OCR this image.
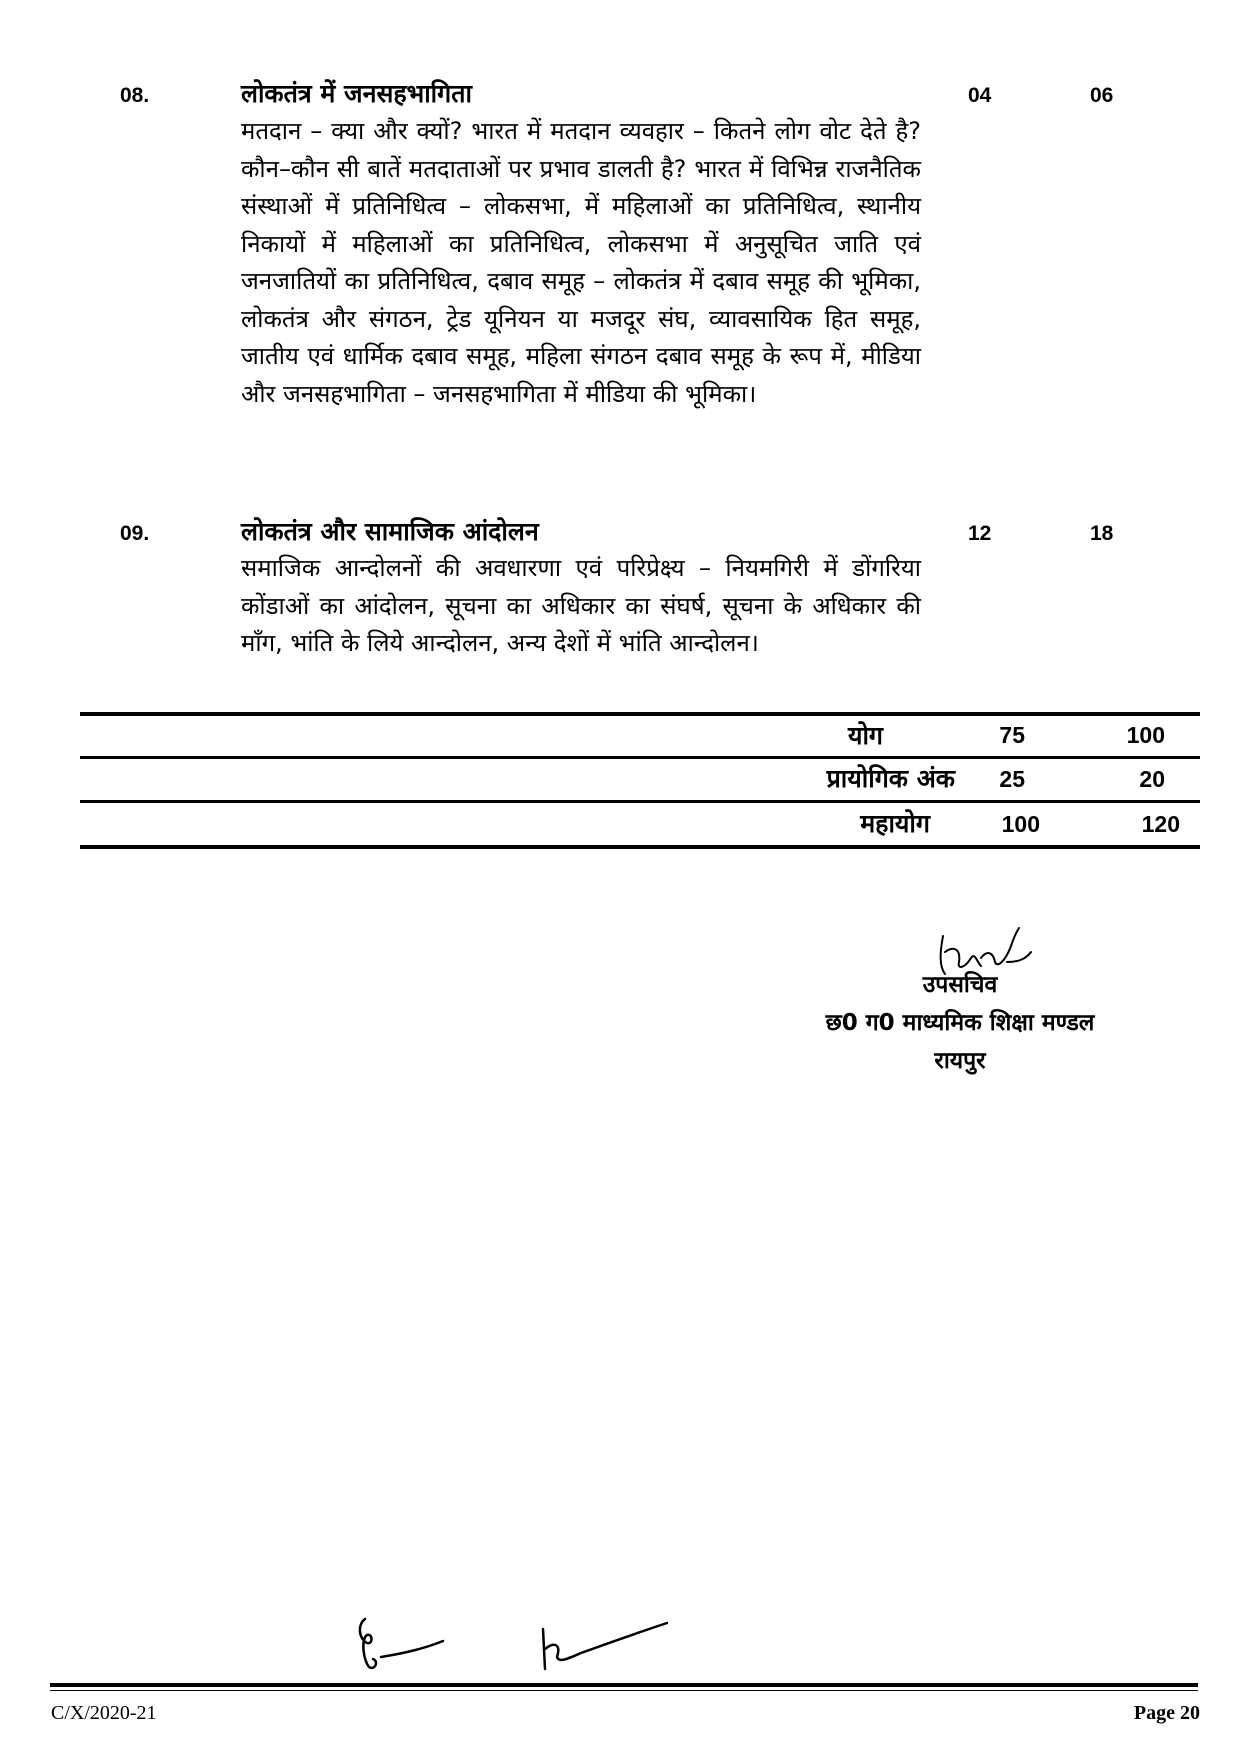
08.	लोकतंत्र में जनसहभागिता	04	06
मतदान – क्या और क्यों? भारत में मतदान व्यवहार – कितने लोग वोट देते है? कौन–कौन सी बातें मतदाताओं पर प्रभाव डालती है? भारत में विभिन्न राजनैतिक संस्थाओं में प्रतिनिधित्व – लोकसभा, में महिलाओं का प्रतिनिधित्व, स्थानीय निकायों में महिलाओं का प्रतिनिधित्व, लोकसभा में अनुसूचित जाति एवं जनजातियों का प्रतिनिधित्व, दबाव समूह – लोकतंत्र में दबाव समूह की भूमिका, लोकतंत्र और संगठन, ट्रेड यूनियन या मजदूर संघ, व्यावसायिक हित समूह, जातीय एवं धार्मिक दबाव समूह, महिला संगठन दबाव समूह के रूप में, मीडिया और जनसहभागिता – जनसहभागिता में मीडिया की भूमिका।
09.	लोकतंत्र और सामाजिक आंदोलन	12	18
समाजिक आन्दोलनों की अवधारणा एवं परिप्रेक्ष्य – नियमगिरी में डोंगरिया कोंडाओं का आंदोलन, सूचना का अधिकार का संघर्ष, सूचना के अधिकार की माँग, भांति के लिये आन्दोलन, अन्य देशों में भांति आन्दोलन।
योग	75	100
प्रायोगिक अंक	25	20
महायोग	100	120
उपसचिव
छ0 ग0 माध्यमिक शिक्षा मण्डल
रायपुर
C/X/2020-21	Page 20
